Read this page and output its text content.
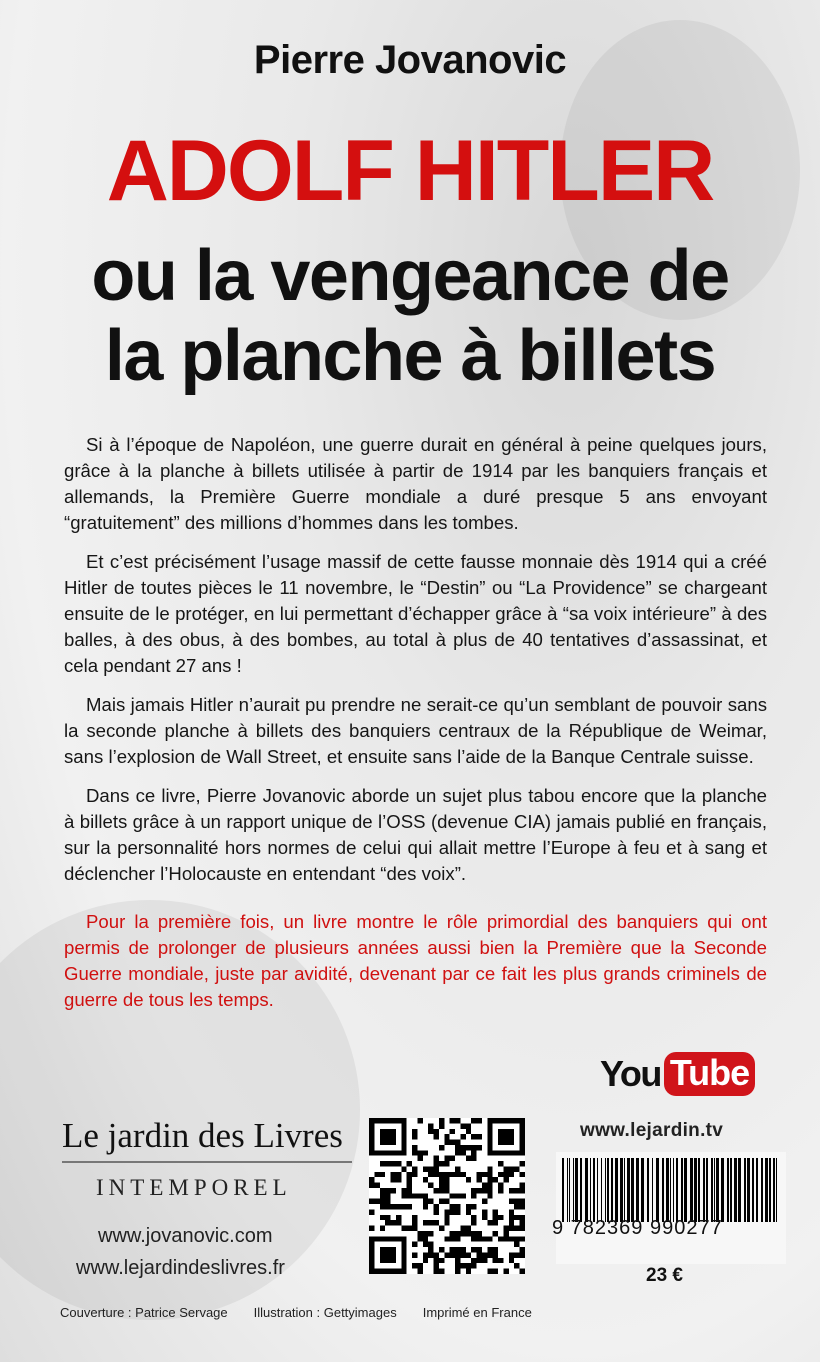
Pierre Jovanovic
ADOLF HITLER
ou la vengeance de
la planche à billets

Si à l’époque de Napoléon, une guerre durait en général à peine quelques jours, grâce à la planche à billets utilisée à partir de 1914 par les banquiers français et allemands, la Première Guerre mondiale a duré presque 5 ans envoyant “gratuitement” des millions d’hommes dans les tombes.

Et c’est précisément l’usage massif de cette fausse monnaie dès 1914 qui a créé Hitler de toutes pièces le 11 novembre, le “Destin” ou “La Providence” se chargeant ensuite de le protéger, en lui permettant d’échapper grâce à “sa voix intérieure” à des balles, à des obus, à des bombes, au total à plus de 40 tentatives d’assassinat, et cela pendant 27 ans !

Mais jamais Hitler n’aurait pu prendre ne serait-ce qu’un semblant de pouvoir sans la seconde planche à billets des banquiers centraux de la République de Weimar, sans l’explosion de Wall Street, et ensuite sans l’aide de la Banque Centrale suisse.

Dans ce livre, Pierre Jovanovic aborde un sujet plus tabou encore que la planche à billets grâce à un rapport unique de l’OSS (devenue CIA) jamais publié en français, sur la personnalité hors normes de celui qui allait mettre l’Europe à feu et à sang et déclencher l’Holocauste en entendant “des voix”.

Pour la première fois, un livre montre le rôle primordial des banquiers qui ont permis de prolonger de plusieurs années aussi bien la Première que la Seconde Guerre mondiale, juste par avidité, devenant par ce fait les plus grands criminels de guerre de tous les temps.

You Tube
www.lejardin.tv
Le jardin des Livres
INTEMPOREL
www.jovanovic.com
www.lejardindeslivres.fr
9 782369 990277
23 €
Couverture : Patrice Servage Illustration : Gettyimages Imprimé en France
